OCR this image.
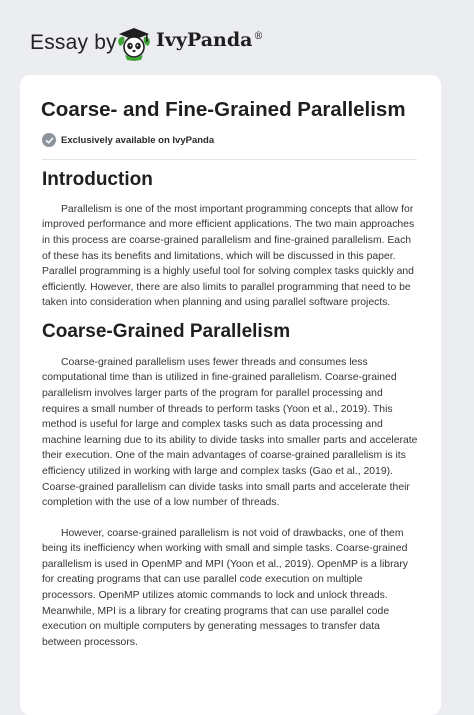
Essay by IvyPanda®
Coarse- and Fine-Grained Parallelism
Exclusively available on IvyPanda
Introduction

Parallelism is one of the most important programming concepts that allow for improved performance and more efficient applications. The two main approaches in this process are coarse-grained parallelism and fine-grained parallelism. Each of these has its benefits and limitations, which will be discussed in this paper. Parallel programming is a highly useful tool for solving complex tasks quickly and efficiently. However, there are also limits to parallel programming that need to be taken into consideration when planning and using parallel software projects.

Coarse-Grained Parallelism

Coarse-grained parallelism uses fewer threads and consumes less computational time than is utilized in fine-grained parallelism. Coarse-grained parallelism involves larger parts of the program for parallel processing and requires a small number of threads to perform tasks (Yoon et al., 2019). This method is useful for large and complex tasks such as data processing and machine learning due to its ability to divide tasks into smaller parts and accelerate their execution. One of the main advantages of coarse-grained parallelism is its efficiency utilized in working with large and complex tasks (Gao et al., 2019). Coarse-grained parallelism can divide tasks into small parts and accelerate their completion with the use of a low number of threads.

However, coarse-grained parallelism is not void of drawbacks, one of them being its inefficiency when working with small and simple tasks. Coarse-grained parallelism is used in OpenMP and MPI (Yoon et al., 2019). OpenMP is a library for creating programs that can use parallel code execution on multiple processors. OpenMP utilizes atomic commands to lock and unlock threads. Meanwhile, MPI is a library for creating programs that can use parallel code execution on multiple computers by generating messages to transfer data between processors.
